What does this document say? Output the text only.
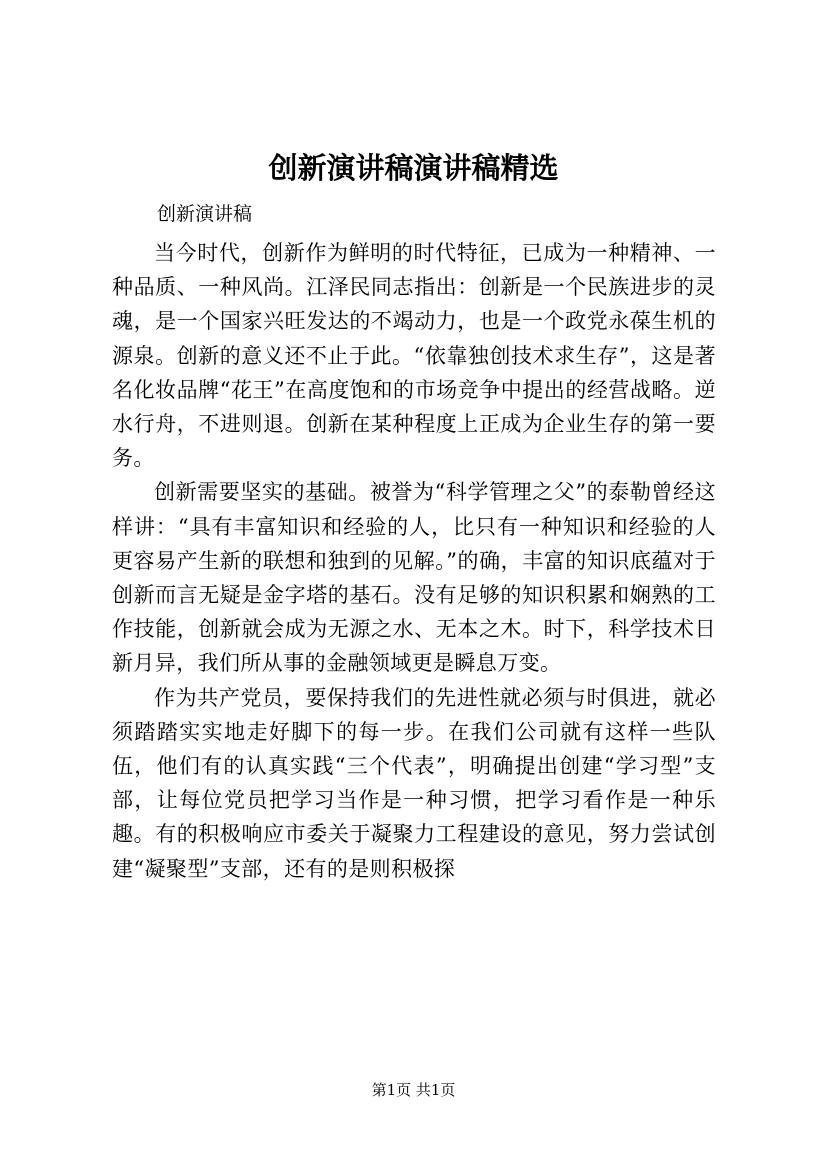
创新演讲稿演讲稿精选
创新演讲稿

当今时代，创新作为鲜明的时代特征，已成为一种精神、一种品质、一种风尚。江泽民同志指出：创新是一个民族进步的灵魂，是一个国家兴旺发达的不竭动力，也是一个政党永葆生机的源泉。创新的意义还不止于此。“依靠独创技术求生存”，这是著名化妆品牌“花王”在高度饱和的市场竞争中提出的经营战略。逆水行舟，不进则退。创新在某种程度上正成为企业生存的第一要务。

创新需要坚实的基础。被誉为“科学管理之父”的泰勒曾经这样讲：“具有丰富知识和经验的人，比只有一种知识和经验的人更容易产生新的联想和独到的见解。”的确，丰富的知识底蕴对于创新而言无疑是金字塔的基石。没有足够的知识积累和娴熟的工作技能，创新就会成为无源之水、无本之木。时下，科学技术日新月异，我们所从事的金融领域更是瞬息万变。

作为共产党员，要保持我们的先进性就必须与时俱进，就必须踏踏实实地走好脚下的每一步。在我们公司就有这样一些队伍，他们有的认真实践“三个代表”，明确提出创建“学习型”支部，让每位党员把学习当作是一种习惯，把学习看作是一种乐趣。有的积极响应市委关于凝聚力工程建设的意见，努力尝试创建“凝聚型”支部，还有的是则积极探

第1页 共1页
